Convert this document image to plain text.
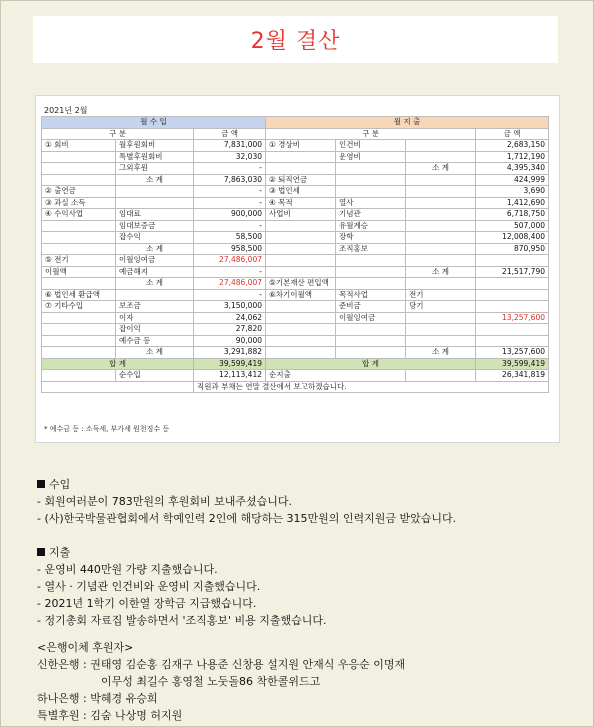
2월 결산
2021년 2월
월 수 입			월 지 출			
구 분		금 액	구 분			금 액
① 회비	월후원회비	7,831,000	① 경상비	인건비		2,683,150
	특별후원회비	32,030		운영비		1,712,190
	그외후원	-			소 계	4,395,340
	소 계	7,863,030	② 퇴직연금			424,999
② 출연금		-	③ 법인세			3,690
③ 과실 소득		-	④ 목적	열사		1,412,690
④ 수익사업	임대료	900,000	사업비	기념관		6,718,750
	임대보증금	-		유월계승		507,000
	잡수익	58,500		장학		12,008,400
	소 계	958,500		조직홍보		870,950
⑤ 전기	이월잉여금	27,486,007				
이월액	예금해지	-			소 계	21,517,790
	소 계	27,486,007	⑤기본재산 편입액			
⑥ 법인세 환급액		-	⑥차기이월액	목적사업	전기	
⑦ 기타수입	보조금	3,150,000		준비금	당기	
	이자	24,062		이월잉여금		13,257,600
	잡이익	27,820				
	예수금 등	90,000				
	소 계	3,291,882			소 계	13,257,600
합 계		39,599,419	합 계			39,599,419
	순수입	12,113,412	순지출			26,341,819
		직원과 부채는 연말 결산에서 보고하겠습니다.				
* 예수금 등 : 소득세, 부가세 원천징수 등
수입
- 회원여러분이 783만원의 후원회비 보내주셨습니다.
- (사)한국박물관협회에서 학예인력 2인에 해당하는 315만원의 인력지원금 받았습니다.
지출
- 운영비 440만원 가량 지출했습니다.
- 열사 · 기념관 인건비와 운영비 지출했습니다.
- 2021년 1학기 이한열 장학금 지급했습니다.
- 정기총회 자료집 발송하면서 '조직홍보' 비용 지출했습니다.
<은행이체 후원자>
신한은행 : 권태영 김순홍 김재구 나용준 신창용 설지원 안재식 우응순 이명재
이무성 최길수 홍영철 노둣돌86 착한콜위드고
하나은행 : 박혜경 유승희
특별후원 : 김숨 나상명 허지원
